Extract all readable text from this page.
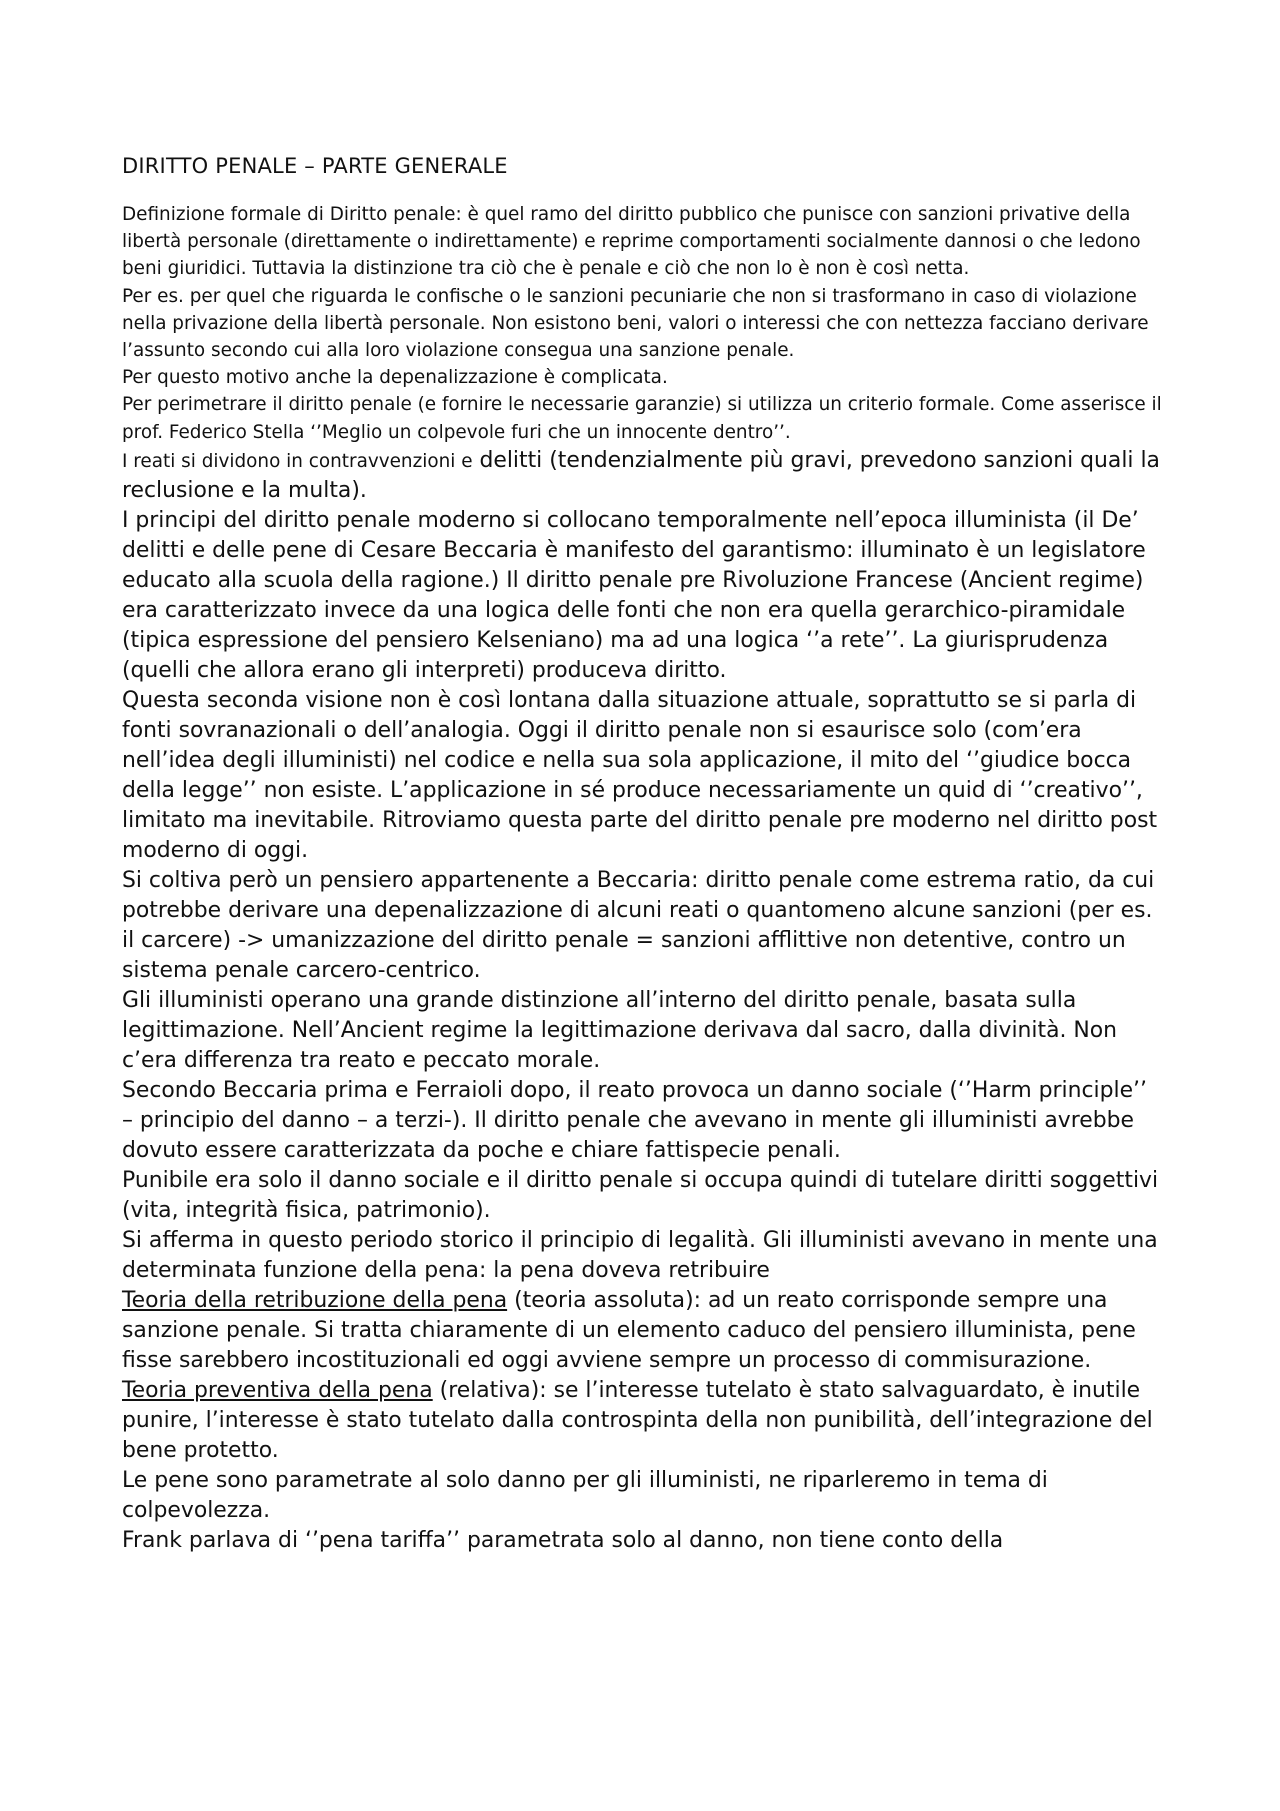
DIRITTO PENALE – PARTE GENERALE

Definizione formale di Diritto penale: è quel ramo del diritto pubblico che punisce con sanzioni privative della libertà personale (direttamente o indirettamente) e reprime comportamenti socialmente dannosi o che ledono beni giuridici. Tuttavia la distinzione tra ciò che è penale e ciò che non lo è non è così netta.

Per es. per quel che riguarda le confische o le sanzioni pecuniarie che non si trasformano in caso di violazione nella privazione della libertà personale. Non esistono beni, valori o interessi che con nettezza facciano derivare l’assunto secondo cui alla loro violazione consegua una sanzione penale.

Per questo motivo anche la depenalizzazione è complicata.

Per perimetrare il diritto penale (e fornire le necessarie garanzie) si utilizza un criterio formale. Come asserisce il prof. Federico Stella ‘’Meglio un colpevole furi che un innocente dentro’’.

I reati si dividono in contravvenzioni e delitti (tendenzialmente più gravi, prevedono sanzioni quali la reclusione e la multa).

I principi del diritto penale moderno si collocano temporalmente nell’epoca illuminista (il De’ delitti e delle pene di Cesare Beccaria è manifesto del garantismo: illuminato è un legislatore educato alla scuola della ragione.) Il diritto penale pre Rivoluzione Francese (Ancient regime) era caratterizzato invece da una logica delle fonti che non era quella gerarchico-piramidale (tipica espressione del pensiero Kelseniano) ma ad una logica ‘’a rete’’. La giurisprudenza (quelli che allora erano gli interpreti) produceva diritto.

Questa seconda visione non è così lontana dalla situazione attuale, soprattutto se si parla di fonti sovranazionali o dell’analogia. Oggi il diritto penale non si esaurisce solo (com’era nell’idea degli illuministi) nel codice e nella sua sola applicazione, il mito del ‘’giudice bocca della legge’’ non esiste. L’applicazione in sé produce necessariamente un quid di ‘’creativo’’, limitato ma inevitabile. Ritroviamo questa parte del diritto penale pre moderno nel diritto post moderno di oggi.

Si coltiva però un pensiero appartenente a Beccaria: diritto penale come estrema ratio, da cui potrebbe derivare una depenalizzazione di alcuni reati o quantomeno alcune sanzioni (per es. il carcere) -> umanizzazione del diritto penale = sanzioni afflittive non detentive, contro un sistema penale carcero-centrico.

Gli illuministi operano una grande distinzione all’interno del diritto penale, basata sulla legittimazione. Nell’Ancient regime la legittimazione derivava dal sacro, dalla divinità. Non c’era differenza tra reato e peccato morale.

Secondo Beccaria prima e Ferraioli dopo, il reato provoca un danno sociale (‘’Harm principle’’ – principio del danno – a terzi-). Il diritto penale che avevano in mente gli illuministi avrebbe dovuto essere caratterizzata da poche e chiare fattispecie penali.

Punibile era solo il danno sociale e il diritto penale si occupa quindi di tutelare diritti soggettivi (vita, integrità fisica, patrimonio).

Si afferma in questo periodo storico il principio di legalità. Gli illuministi avevano in mente una determinata funzione della pena: la pena doveva retribuire

Teoria della retribuzione della pena (teoria assoluta): ad un reato corrisponde sempre una sanzione penale. Si tratta chiaramente di un elemento caduco del pensiero illuminista, pene fisse sarebbero incostituzionali ed oggi avviene sempre un processo di commisurazione.

Teoria preventiva della pena (relativa): se l’interesse tutelato è stato salvaguardato, è inutile punire, l’interesse è stato tutelato dalla controspinta della non punibilità, dell’integrazione del bene protetto.

Le pene sono parametrate al solo danno per gli illuministi, ne riparleremo in tema di colpevolezza.

Frank parlava di ‘’pena tariffa’’ parametrata solo al danno, non tiene conto della
